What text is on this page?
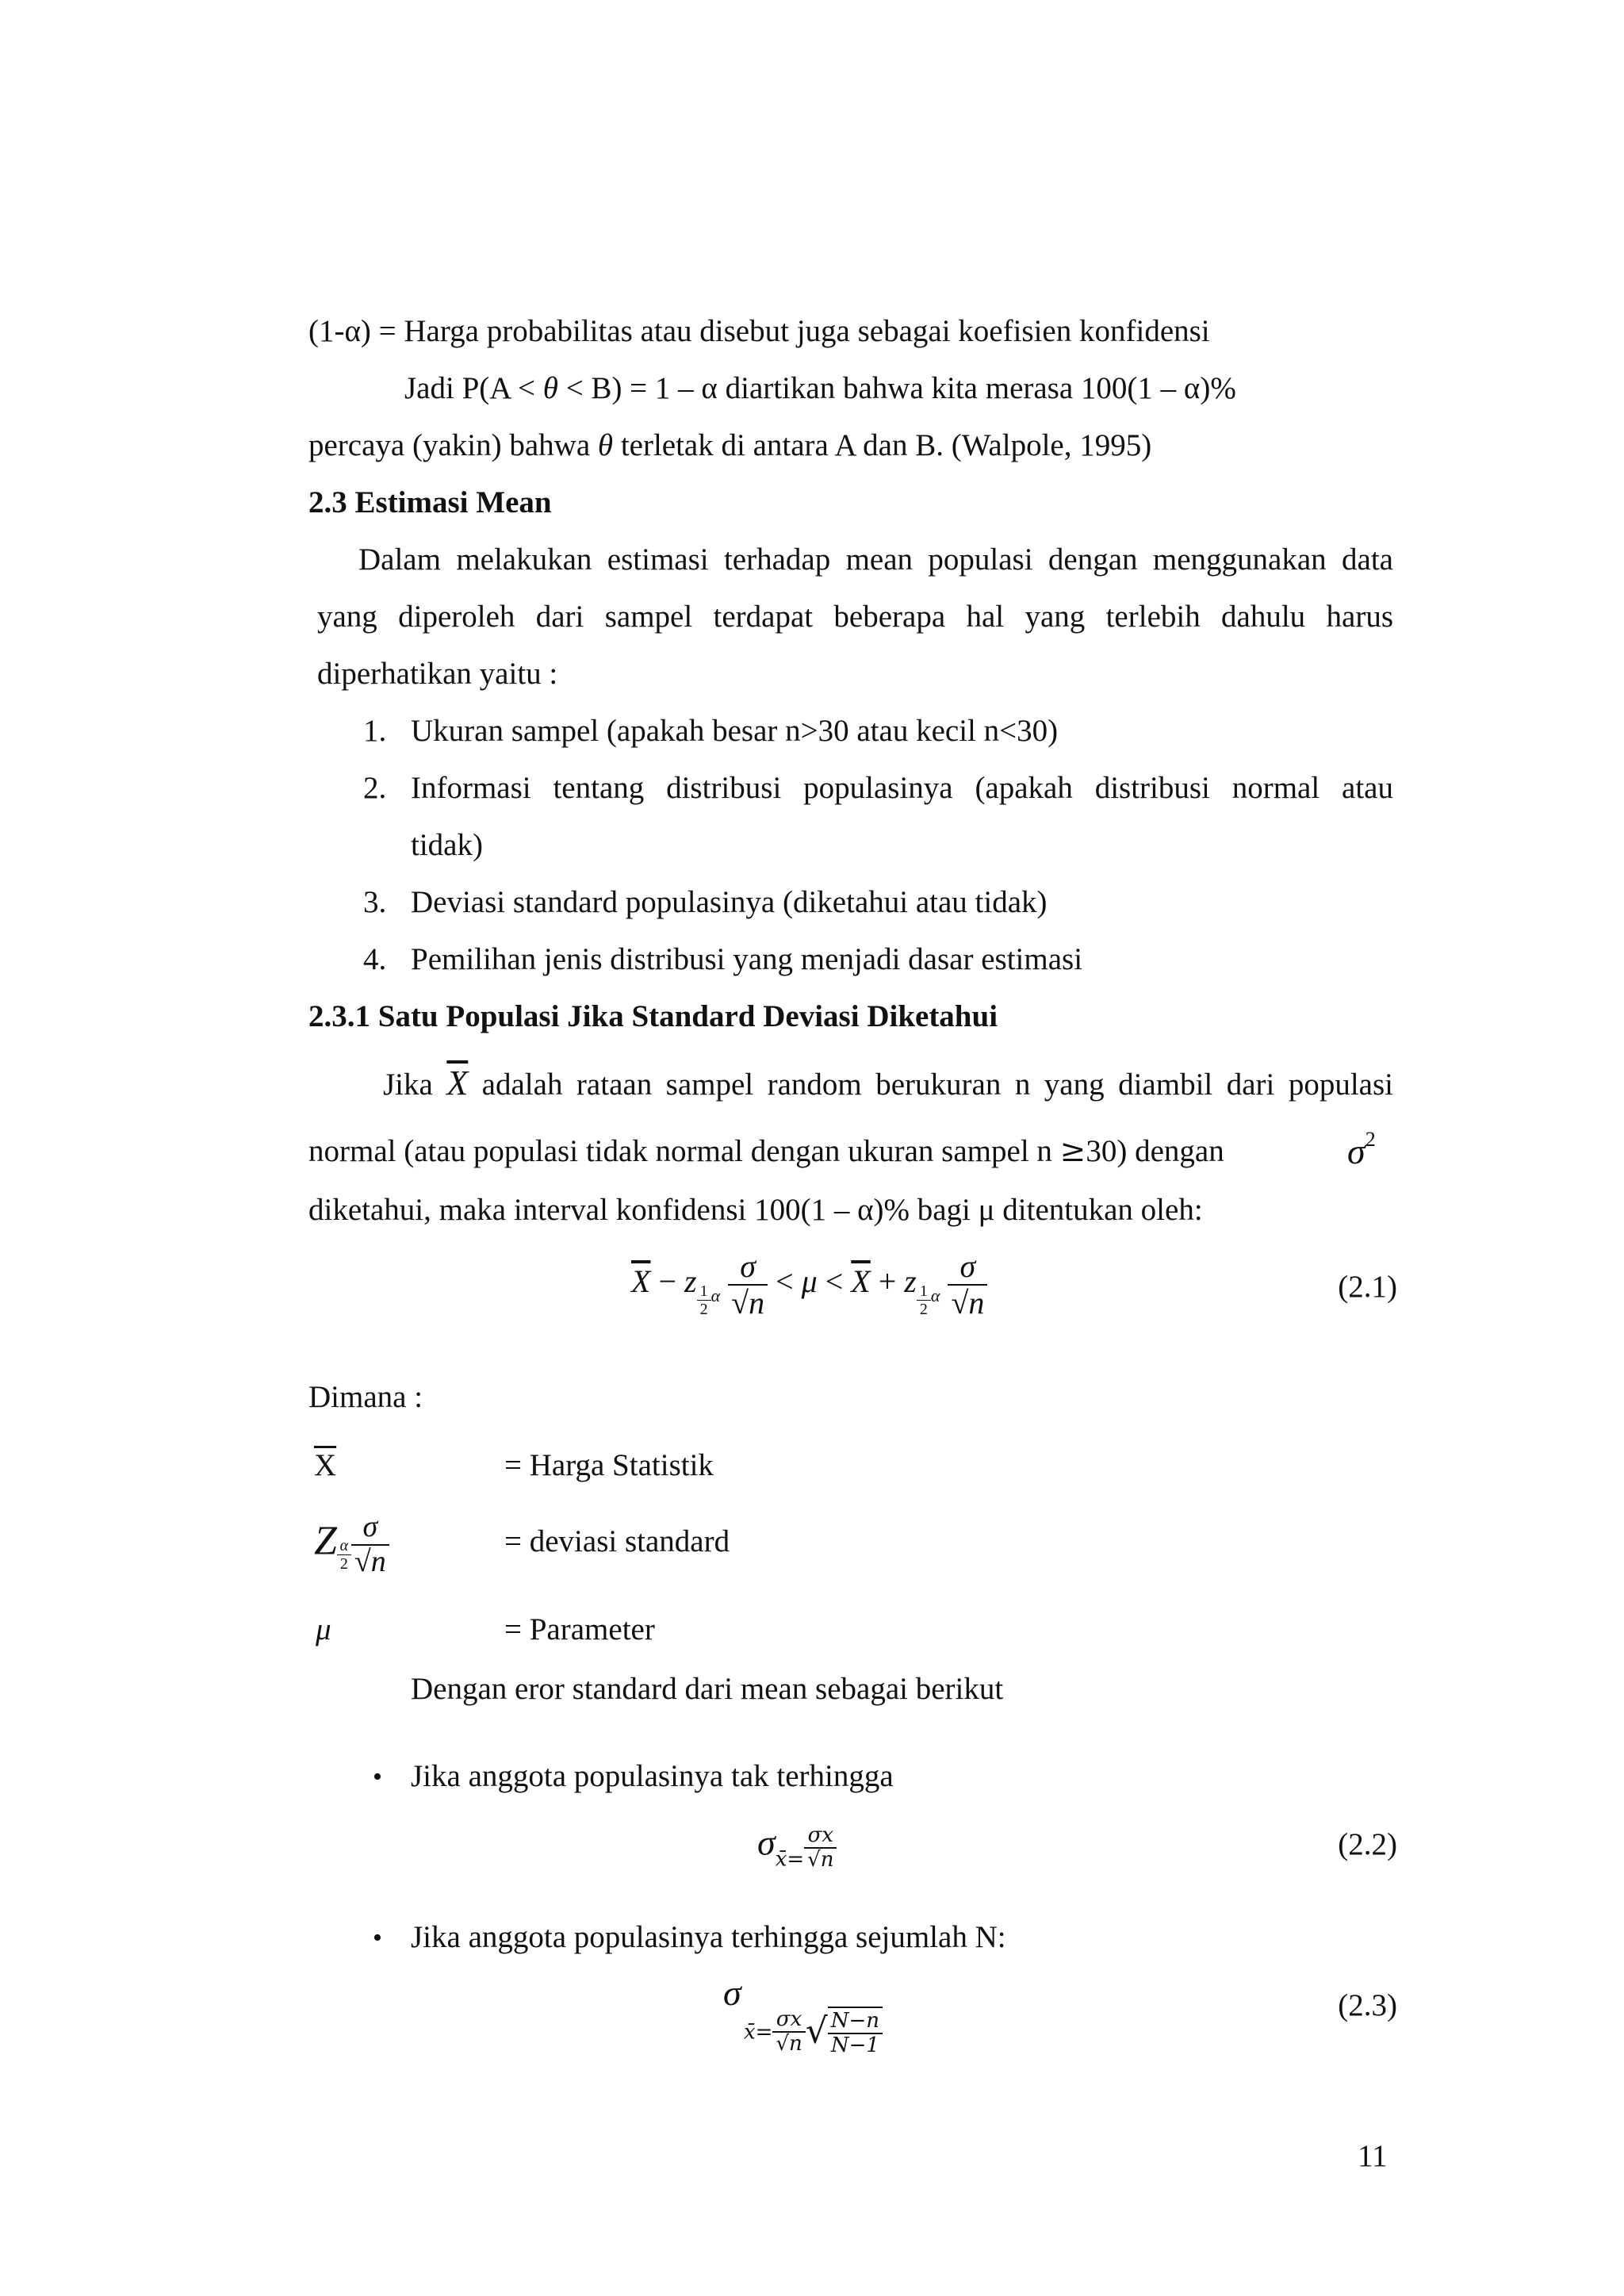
(1-α) = Harga probabilitas atau disebut juga sebagai koefisien konfidensi
Jadi P(A < θ < B) = 1 – α diartikan bahwa kita merasa 100(1 – α)%
percaya (yakin) bahwa θ terletak di antara A dan B. (Walpole, 1995)
2.3 Estimasi Mean
Dalam melakukan estimasi terhadap mean populasi dengan menggunakan data
yang diperoleh dari sampel terdapat beberapa hal yang terlebih dahulu harus
diperhatikan yaitu :
1. Ukuran sampel (apakah besar n>30 atau kecil n<30)
2. Informasi tentang distribusi populasinya (apakah distribusi normal atau
tidak)
3. Deviasi standard populasinya (diketahui atau tidak)
4. Pemilihan jenis distribusi yang menjadi dasar estimasi
2.3.1 Satu Populasi Jika Standard Deviasi Diketahui
Jika $\overline{X}$ adalah rataan sampel random berukuran n yang diambil dari populasi
normal (atau populasi tidak normal dengan ukuran sampel n ≥30) dengan	$\sigma^2$
diketahui, maka interval konfidensi 100(1 – α)% bagi μ ditentukan oleh:
$\overline{X} - z$
$\frac{1}{2} _\alpha \frac{\sigma}{√n} < \mu < \overline{X} + z$
$\frac{1}{2} _\alpha \frac{\sigma}{√n}$	(2.1)
Dimana :
$\overline{X}$	= Harga Statistik
Z $\frac{\alpha}{2} \frac{\sigma}{√n}$	= deviasi standard
μ	= Parameter
Dengan eror standard dari mean sebagai berikut
• Jika anggota populasinya tak terhingga
$\sigma_{x̄=} \frac{\sigma x}{√n}$	(2.2)
• Jika anggota populasinya terhingga sejumlah N:
σ
x̄= $\frac{\sigma x}{√n}$ √ $\frac{N-n}{N-1}$
(2.3)
11
